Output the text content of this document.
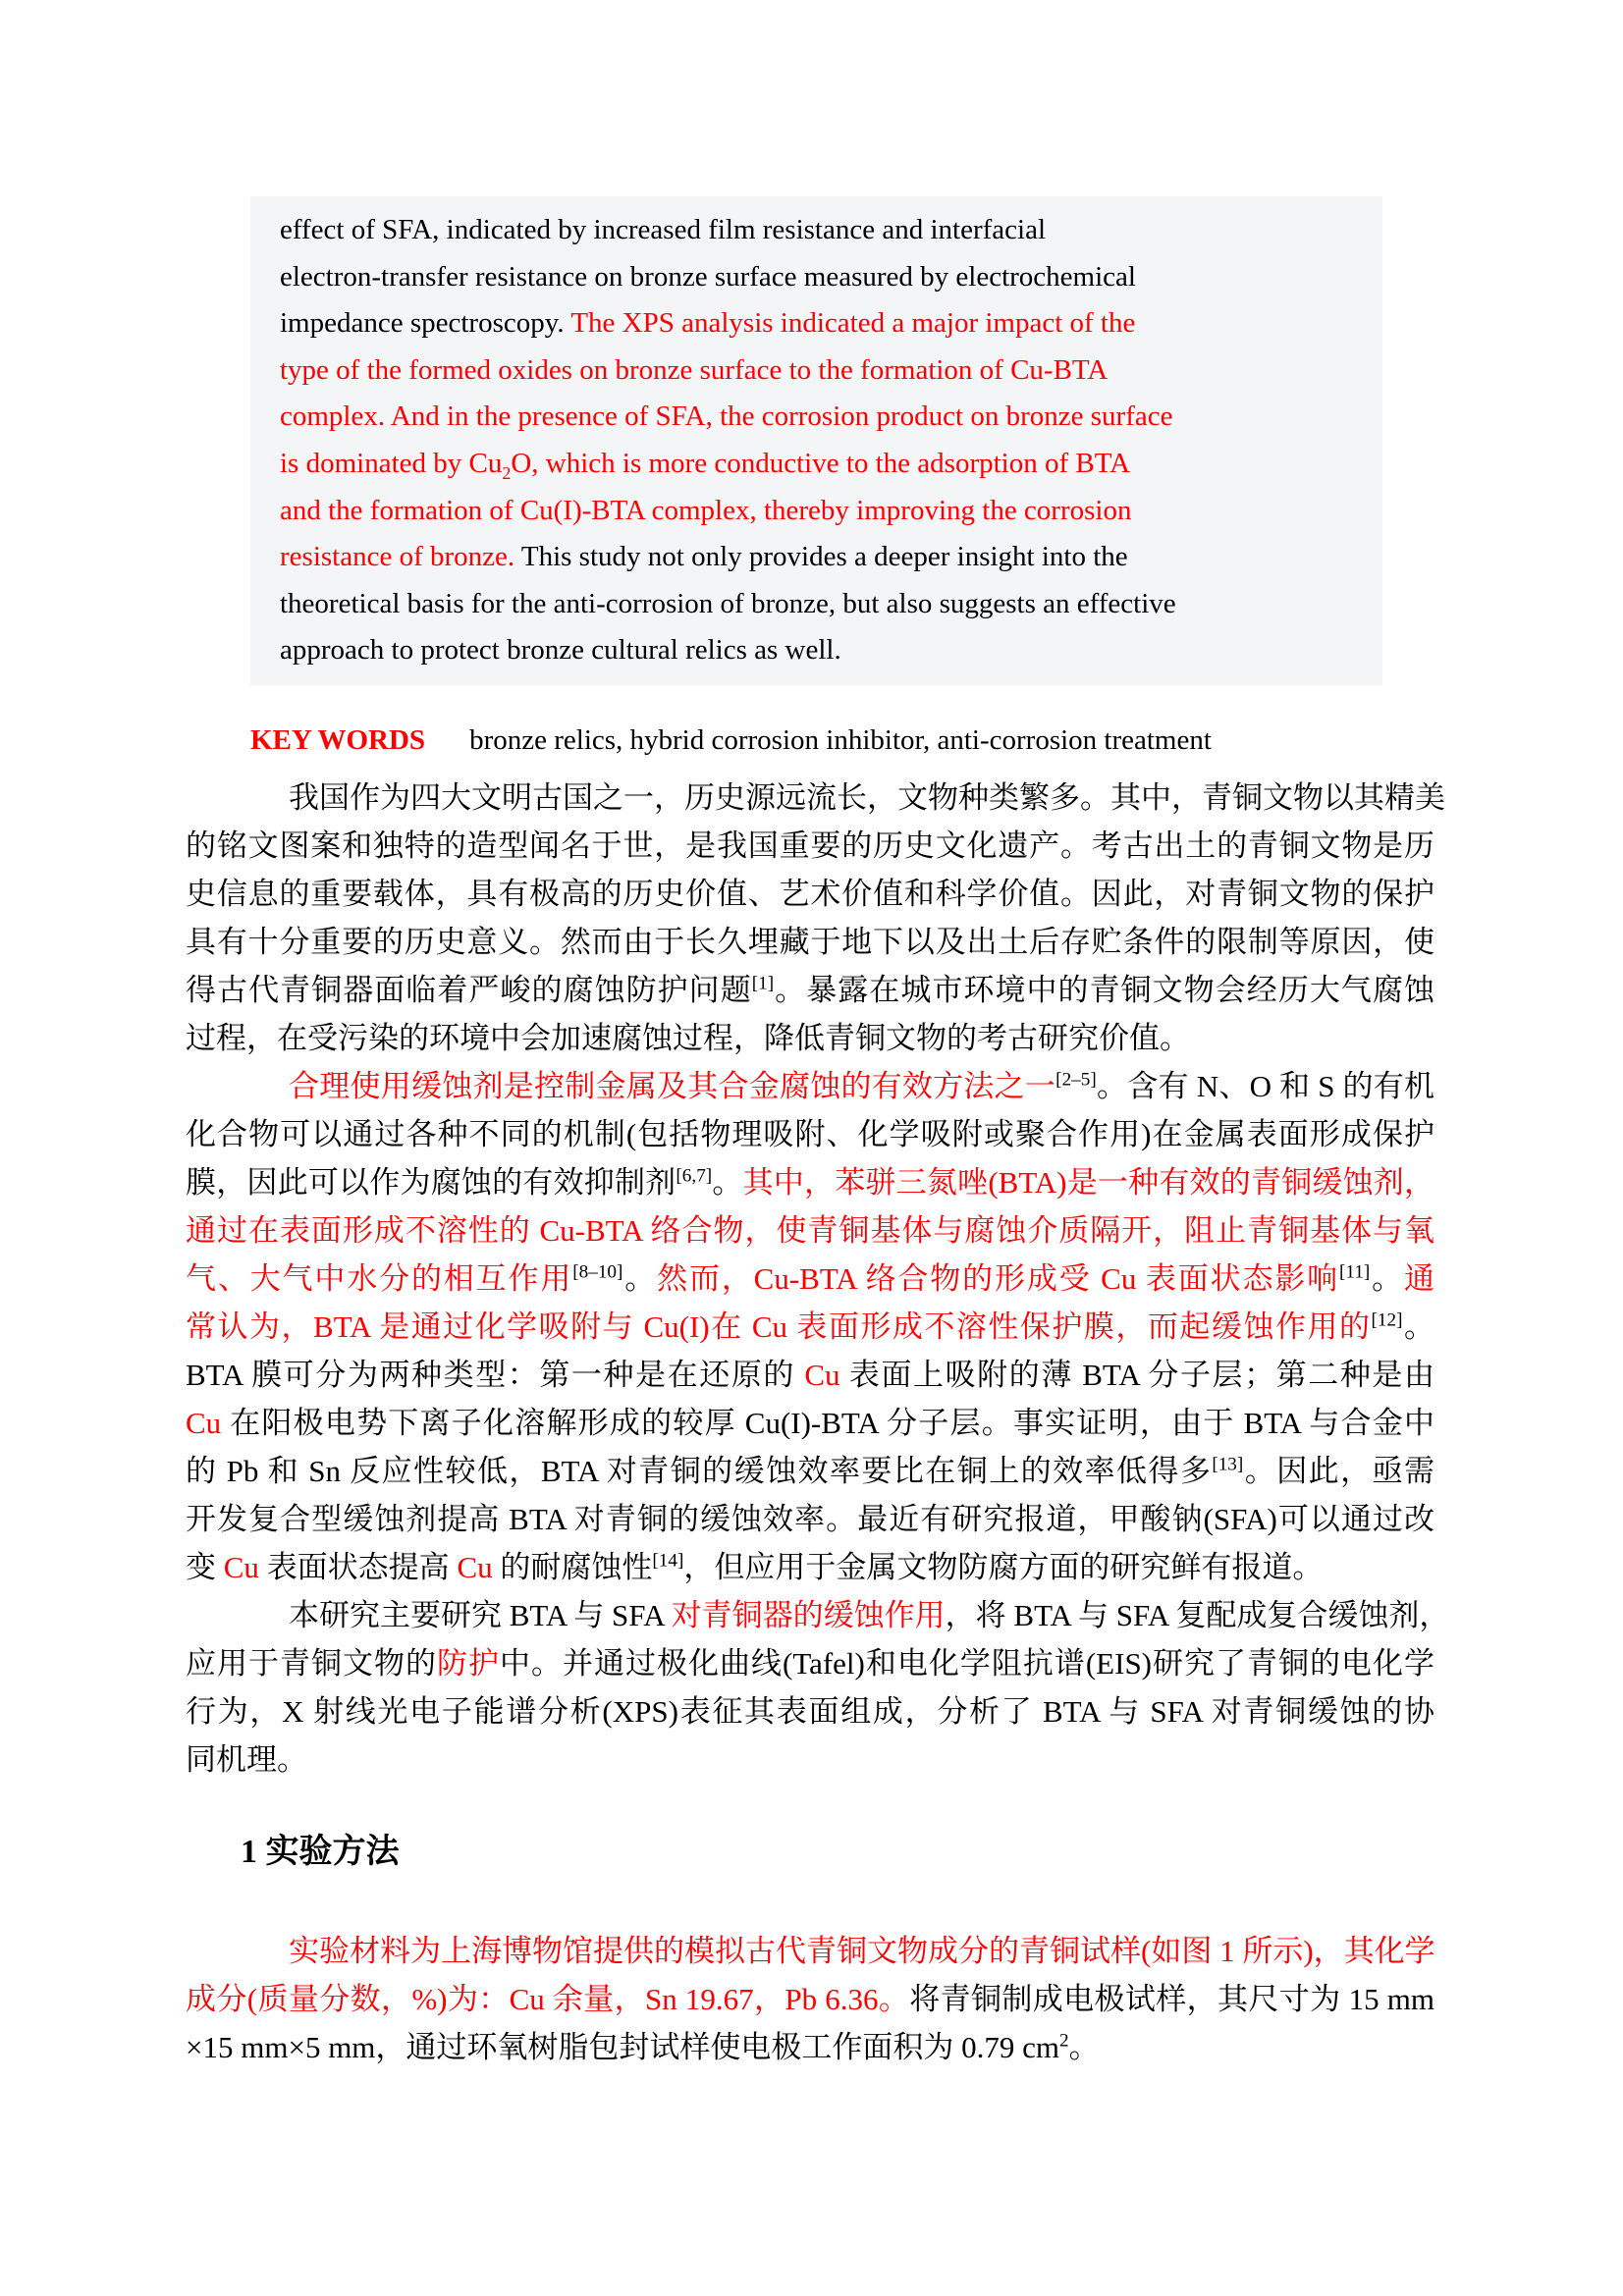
effect of SFA, indicated by increased film resistance and interfacial
electron-transfer resistance on bronze surface measured by electrochemical
impedance spectroscopy. The XPS analysis indicated a major impact of the
type of the formed oxides on bronze surface to the formation of Cu-BTA
complex. And in the presence of SFA, the corrosion product on bronze surface
is dominated by $Cu_2O$, which is more conductive to the adsorption of BTA
and the formation of Cu(I)-BTA complex, thereby improving the corrosion
resistance of bronze. This study not only provides a deeper insight into the
theoretical basis for the anti-corrosion of bronze, but also suggests an effective
approach to protect bronze cultural relics as well.
KEY WORDS bronze relics, hybrid corrosion inhibitor, anti-corrosion treatment
我国作为四大文明古国之一，历史源远流长，文物种类繁多。其中，青铜文物以其精美
的铭文图案和独特的造型闻名于世，是我国重要的历史文化遗产。考古出土的青铜文物是历
史信息的重要载体，具有极高的历史价值、艺术价值和科学价值。因此，对青铜文物的保护
具有十分重要的历史意义。然而由于长久埋藏于地下以及出土后存贮条件的限制等原因，使
得古代青铜器面临着严峻的腐蚀防护问题[1]。暴露在城市环境中的青铜文物会经历大气腐蚀
过程，在受污染的环境中会加速腐蚀过程，降低青铜文物的考古研究价值。
合理使用缓蚀剂是控制金属及其合金腐蚀的有效方法之一[2–5]。含有 N、O 和 S 的有机
化合物可以通过各种不同的机制(包括物理吸附、化学吸附或聚合作用)在金属表面形成保护
膜，因此可以作为腐蚀的有效抑制剂[6,7]。其中，苯骈三氮唑(BTA)是一种有效的青铜缓蚀剂，
通过在表面形成不溶性的 Cu-BTA 络合物，使青铜基体与腐蚀介质隔开，阻止青铜基体与氧
气、大气中水分的相互作用[8–10]。然而，Cu-BTA 络合物的形成受 Cu 表面状态影响[11]。通
常认为，BTA 是通过化学吸附与 Cu(I)在 Cu 表面形成不溶性保护膜，而起缓蚀作用的[12]。
BTA 膜可分为两种类型：第一种是在还原的 Cu 表面上吸附的薄 BTA 分子层；第二种是由
Cu 在阳极电势下离子化溶解形成的较厚 Cu(I)-BTA 分子层。事实证明，由于 BTA 与合金中
的 Pb 和 Sn 反应性较低，BTA 对青铜的缓蚀效率要比在铜上的效率低得多[13]。因此，亟需
开发复合型缓蚀剂提高 BTA 对青铜的缓蚀效率。最近有研究报道，甲酸钠(SFA)可以通过改
变 Cu 表面状态提高 Cu 的耐腐蚀性[14]，但应用于金属文物防腐方面的研究鲜有报道。
本研究主要研究 BTA 与 SFA 对青铜器的缓蚀作用，将 BTA 与 SFA 复配成复合缓蚀剂，
应用于青铜文物的防护中。并通过极化曲线(Tafel)和电化学阻抗谱(EIS)研究了青铜的电化学
行为，X 射线光电子能谱分析(XPS)表征其表面组成，分析了 BTA 与 SFA 对青铜缓蚀的协
同机理。
1 实验方法
实验材料为上海博物馆提供的模拟古代青铜文物成分的青铜试样(如图 1 所示)，其化学
成分(质量分数，%)为：Cu 余量，Sn 19.67，Pb 6.36。将青铜制成电极试样，其尺寸为 15 mm
×15 mm×5 mm，通过环氧树脂包封试样使电极工作面积为 0.79 $cm^2$。
